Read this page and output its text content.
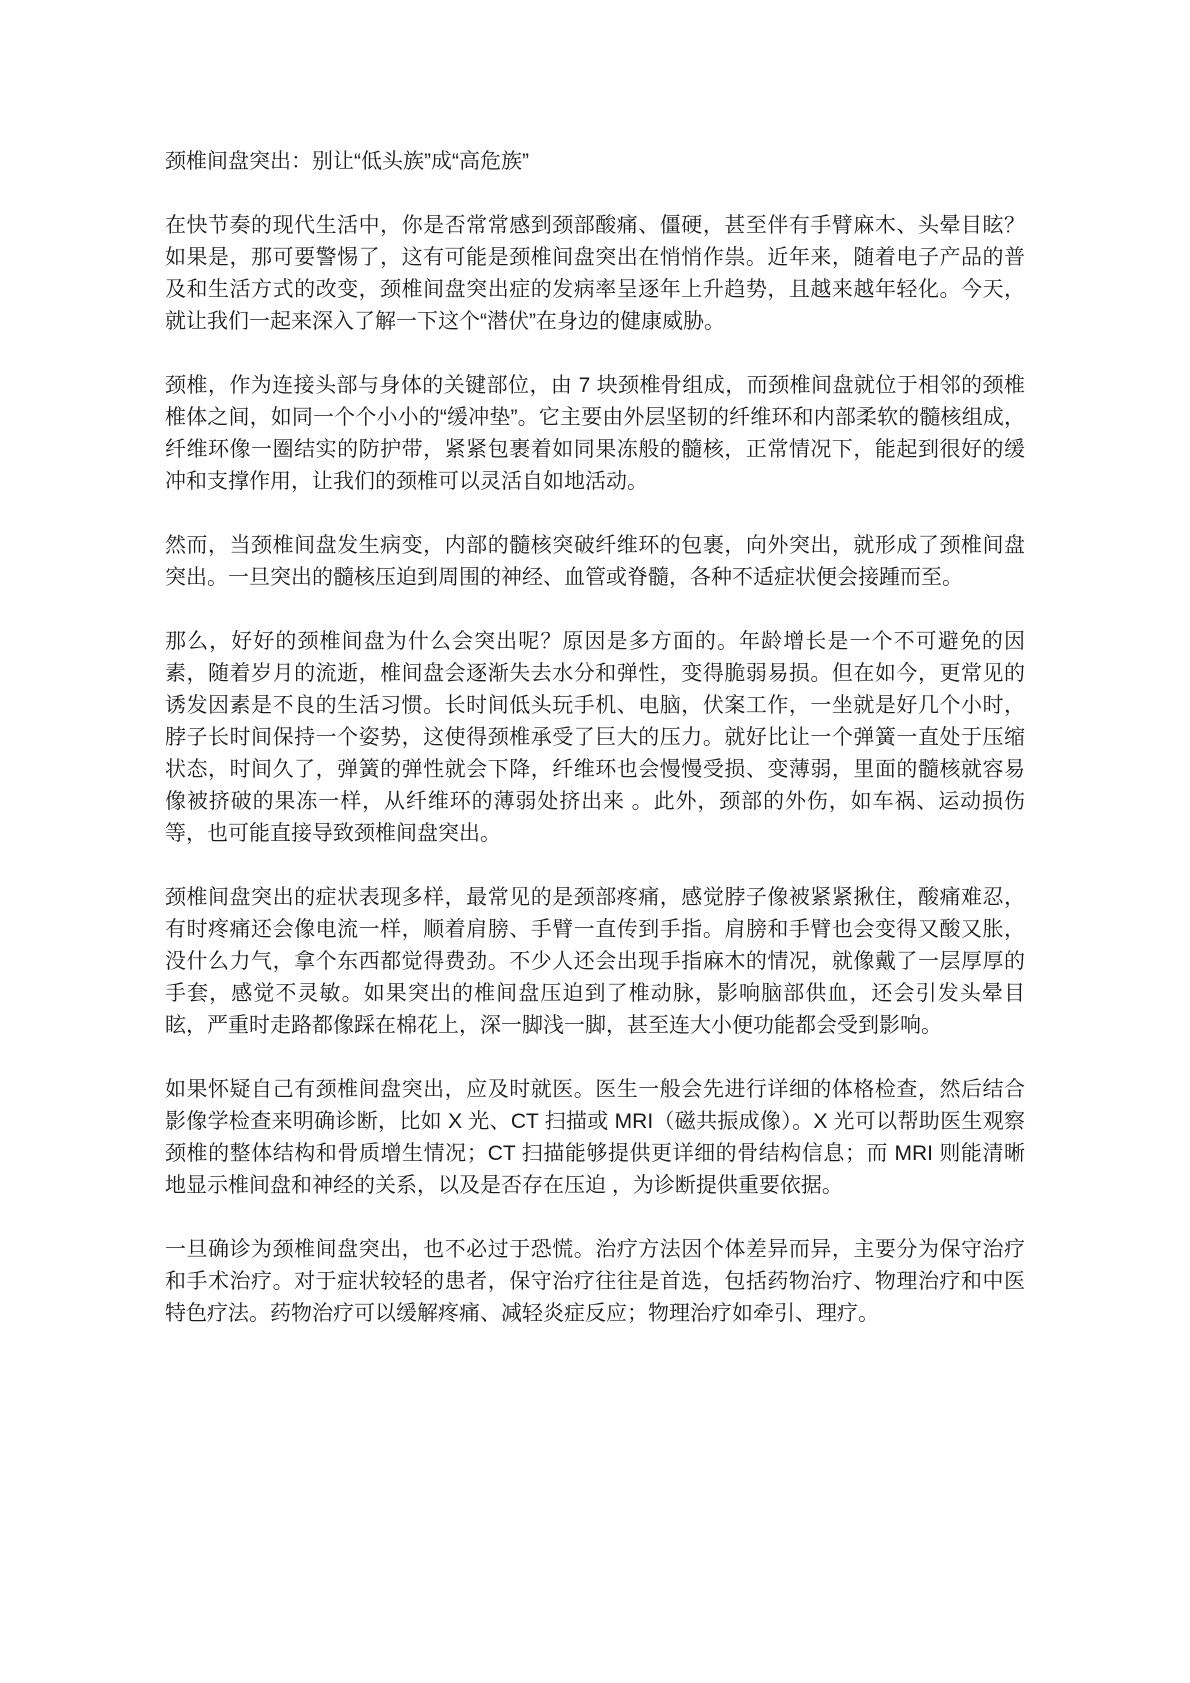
颈椎间盘突出：别让“低头族”成“高危族”

在快节奏的现代生活中，你是否常常感到颈部酸痛、僵硬，甚至伴有手臂麻木、头晕目眩？如果是，那可要警惕了，这有可能是颈椎间盘突出在悄悄作祟。近年来，随着电子产品的普及和生活方式的改变，颈椎间盘突出症的发病率呈逐年上升趋势，且越来越年轻化。今天，就让我们一起来深入了解一下这个“潜伏”在身边的健康威胁。

颈椎，作为连接头部与身体的关键部位，由 7 块颈椎骨组成，而颈椎间盘就位于相邻的颈椎椎体之间，如同一个个小小的“缓冲垫”。它主要由外层坚韧的纤维环和内部柔软的髓核组成，纤维环像一圈结实的防护带，紧紧包裹着如同果冻般的髓核，正常情况下，能起到很好的缓冲和支撑作用，让我们的颈椎可以灵活自如地活动。

然而，当颈椎间盘发生病变，内部的髓核突破纤维环的包裹，向外突出，就形成了颈椎间盘突出。一旦突出的髓核压迫到周围的神经、血管或脊髓，各种不适症状便会接踵而至。

那么，好好的颈椎间盘为什么会突出呢？原因是多方面的。年龄增长是一个不可避免的因素，随着岁月的流逝，椎间盘会逐渐失去水分和弹性，变得脆弱易损。但在如今，更常见的诱发因素是不良的生活习惯。长时间低头玩手机、电脑，伏案工作，一坐就是好几个小时，脖子长时间保持一个姿势，这使得颈椎承受了巨大的压力。就好比让一个弹簧一直处于压缩状态，时间久了，弹簧的弹性就会下降，纤维环也会慢慢受损、变薄弱，里面的髓核就容易像被挤破的果冻一样，从纤维环的薄弱处挤出来 。此外，颈部的外伤，如车祸、运动损伤等，也可能直接导致颈椎间盘突出。

颈椎间盘突出的症状表现多样，最常见的是颈部疼痛，感觉脖子像被紧紧揪住，酸痛难忍，有时疼痛还会像电流一样，顺着肩膀、手臂一直传到手指。肩膀和手臂也会变得又酸又胀，没什么力气，拿个东西都觉得费劲。不少人还会出现手指麻木的情况，就像戴了一层厚厚的手套，感觉不灵敏。如果突出的椎间盘压迫到了椎动脉，影响脑部供血，还会引发头晕目眩，严重时走路都像踩在棉花上，深一脚浅一脚，甚至连大小便功能都会受到影响。

如果怀疑自己有颈椎间盘突出，应及时就医。医生一般会先进行详细的体格检查，然后结合影像学检查来明确诊断，比如 X 光、CT 扫描或 MRI（磁共振成像）。X 光可以帮助医生观察颈椎的整体结构和骨质增生情况；CT 扫描能够提供更详细的骨结构信息；而 MRI 则能清晰地显示椎间盘和神经的关系，以及是否存在压迫 ，为诊断提供重要依据。

一旦确诊为颈椎间盘突出，也不必过于恐慌。治疗方法因个体差异而异，主要分为保守治疗和手术治疗。对于症状较轻的患者，保守治疗往往是首选，包括药物治疗、物理治疗和中医特色疗法。药物治疗可以缓解疼痛、减轻炎症反应；物理治疗如牵引、理疗。
